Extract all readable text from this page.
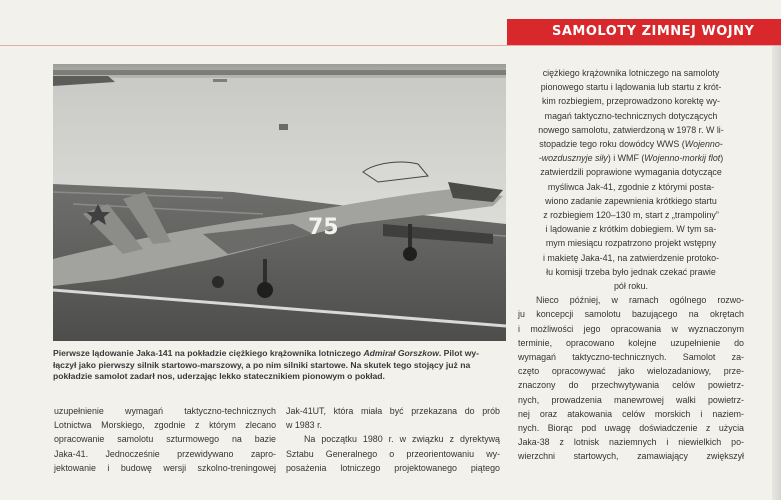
SAMOLOTY ZIMNEJ WOJNY
75

Pierwsze lądowanie Jaka-141 na pokładzie ciężkiego krążownika lotniczego Admirał Gorszkow. Pilot wy-
łączył jako pierwszy silnik startowo-marszowy, a po nim silniki startowe. Na skutek tego stojący już na
pokładzie samolot zadarł nos, uderzając lekko statecznikiem pionowym o pokład.

uzupełnienie wymagań taktyczno-technicznych
Lotnictwa Morskiego, zgodnie z którym zlecano
opracowanie samolotu szturmowego na bazie
Jaka-41. Jednocześnie przewidywano zapro-
jektowanie i budowę wersji szkolno-treningowej
Jak-41UT, która miała być przekazana do prób
w 1983 r.
Na początku 1980 r. w związku z dyrektywą
Sztabu Generalnego o przeorientowaniu wy-
posażenia lotniczego projektowanego piątego
ciężkiego krążownika lotniczego na samoloty
pionowego startu i lądowania lub startu z krót-
kim rozbiegiem, przeprowadzono korektę wy-
magań taktyczno-technicznych dotyczących
nowego samolotu, zatwierdzoną w 1978 r. W li-
stopadzie tego roku dowódcy WWS (Wojenno-
-wozdusznyje siły) i WMF (Wojenno-morkij flot)
zatwierdzili poprawione wymagania dotyczące
myśliwca Jak-41, zgodnie z którymi posta-
wiono zadanie zapewnienia krótkiego startu
z rozbiegiem 120–130 m, start z „trampoliny”
i lądowanie z krótkim dobiegiem. W tym sa-
mym miesiącu rozpatrzono projekt wstępny
i makietę Jaka-41, na zatwierdzenie protoko-
łu komisji trzeba było jednak czekać prawie
pół roku.
Nieco później, w ramach ogólnego rozwo-
ju koncepcji samolotu bazującego na okrętach
i możliwości jego opracowania w wyznaczonym
terminie, opracowano kolejne uzupełnienie do
wymagań taktyczno-technicznych. Samolot za-
częto opracowywać jako wielozadaniowy, prze-
znaczony do przechwytywania celów powietrz-
nych, prowadzenia manewrowej walki powietrz-
nej oraz atakowania celów morskich i naziem-
nych. Biorąc pod uwagę doświadczenie z użycia
Jaka-38 z lotnisk naziemnych i niewielkich po-
wierzchni startowych, zamawiający zwiększył
